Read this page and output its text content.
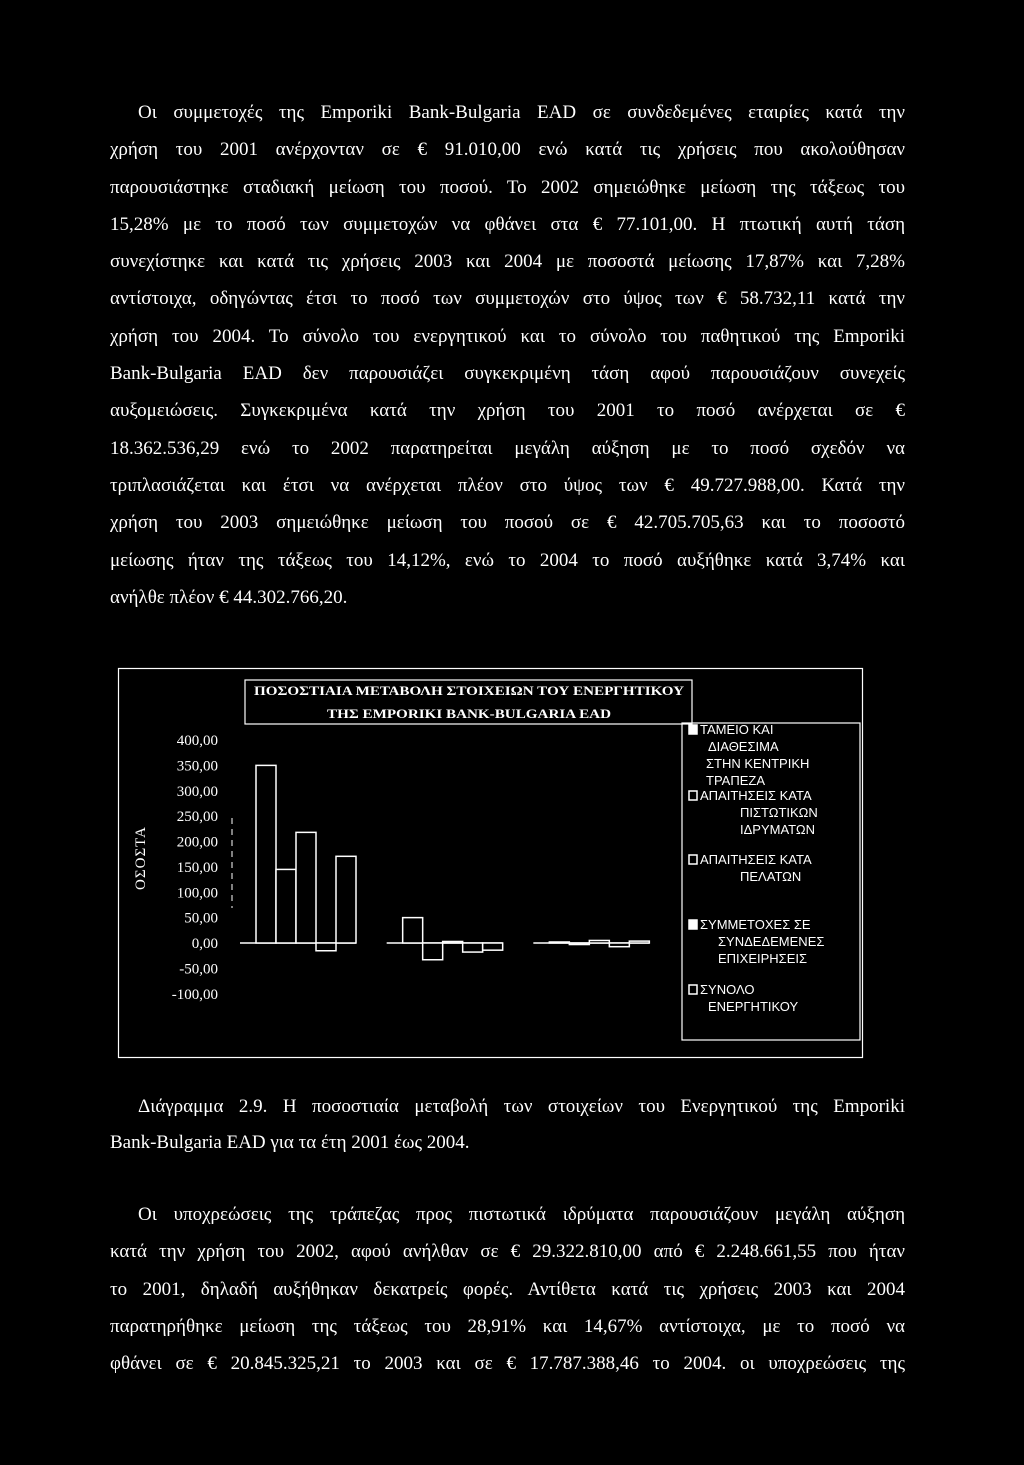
Οι συμμετοχές της Emporiki Bank-Bulgaria EAD σε συνδεδεμένες εταιρίες κατά την
χρήση του 2001 ανέρχονταν σε € 91.010,00 ενώ κατά τις χρήσεις που ακολούθησαν
παρουσιάστηκε σταδιακή μείωση του ποσού. Το 2002 σημειώθηκε μείωση της τάξεως του
15,28% με το ποσό των συμμετοχών να φθάνει στα € 77.101,00. Η πτωτική αυτή τάση
συνεχίστηκε και κατά τις χρήσεις 2003 και 2004 με ποσοστά μείωσης 17,87% και 7,28%
αντίστοιχα, οδηγώντας έτσι το ποσό των συμμετοχών στο ύψος των € 58.732,11 κατά την
χρήση του 2004. Το σύνολο του ενεργητικού και το σύνολο του παθητικού της Emporiki
Bank-Bulgaria EAD δεν παρουσιάζει συγκεκριμένη τάση αφού παρουσιάζουν συνεχείς
αυξομειώσεις. Συγκεκριμένα κατά την χρήση του 2001 το ποσό ανέρχεται σε €
18.362.536,29 ενώ το 2002 παρατηρείται μεγάλη αύξηση με το ποσό σχεδόν να
τριπλασιάζεται και έτσι να ανέρχεται πλέον στο ύψος των € 49.727.988,00. Κατά την
χρήση του 2003 σημειώθηκε μείωση του ποσού σε € 42.705.705,63 και το ποσοστό
μείωσης ήταν της τάξεως του 14,12%, ενώ το 2004 το ποσό αυξήθηκε κατά 3,74% και
ανήλθε πλέον € 44.302.766,20.
ΠΟΣΟΣΤΙΑΙΑ ΜΕΤΑΒΟΛΗ ΣΤΟΙΧΕΙΩΝ ΤΟΥ ΕΝΕΡΓΗΤΙΚΟΥ
ΤΗΣ EMPORIKI BANK-BULGARIA EAD
ΟΣΟΣΤΑ
400,00
350,00
300,00
250,00
200,00
150,00
100,00
50,00
0,00
-50,00
-100,00
ΤΑΜΕΙΟ ΚΑΙ
ΔΙΑΘΕΣΙΜΑ
ΣΤΗΝ ΚΕΝΤΡΙΚΗ
ΤΡΑΠΕΖΑ
ΑΠΑΙΤΗΣΕΙΣ ΚΑΤΑ
ΠΙΣΤΩΤΙΚΩΝ
ΙΔΡΥΜΑΤΩΝ
ΑΠΑΙΤΗΣΕΙΣ ΚΑΤΑ
ΠΕΛΑΤΩΝ
ΣΥΜΜΕΤΟΧΕΣ ΣΕ
ΣΥΝΔΕΔΕΜΕΝΕΣ
ΕΠΙΧΕΙΡΗΣΕΙΣ
ΣΥΝΟΛΟ
ΕΝΕΡΓΗΤΙΚΟΥ
Διάγραμμα 2.9. Η ποσοστιαία μεταβολή των στοιχείων του Ενεργητικού της Emporiki
Bank-Bulgaria EAD για τα έτη 2001 έως 2004.
Οι υποχρεώσεις της τράπεζας προς πιστωτικά ιδρύματα παρουσιάζουν μεγάλη αύξηση
κατά την χρήση του 2002, αφού ανήλθαν σε € 29.322.810,00 από € 2.248.661,55 που ήταν
το 2001, δηλαδή αυξήθηκαν δεκατρείς φορές. Αντίθετα κατά τις χρήσεις 2003 και 2004
παρατηρήθηκε μείωση της τάξεως του 28,91% και 14,67% αντίστοιχα, με το ποσό να
φθάνει σε € 20.845.325,21 το 2003 και σε € 17.787.388,46 το 2004. οι υποχρεώσεις της
